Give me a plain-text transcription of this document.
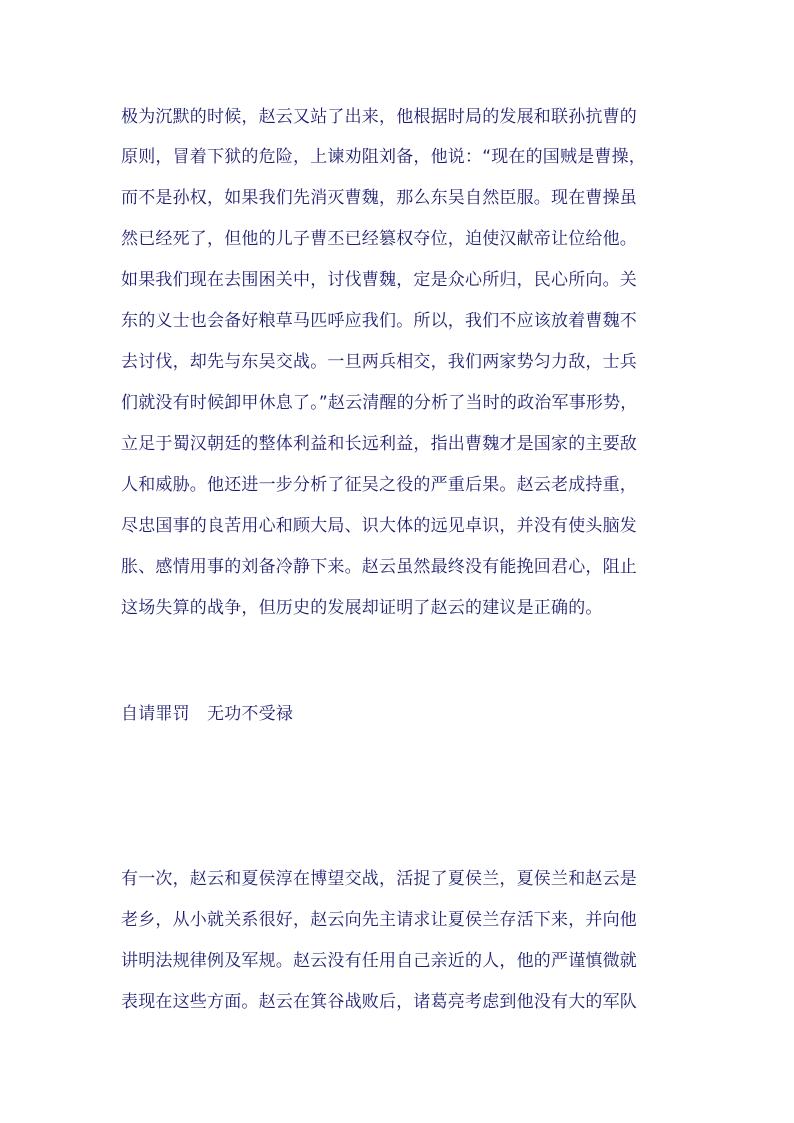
极为沉默的时候，赵云又站了出来，他根据时局的发展和联孙抗曹的
原则，冒着下狱的危险，上谏劝阻刘备，他说：“现在的国贼是曹操，
而不是孙权，如果我们先消灭曹魏，那么东吴自然臣服。现在曹操虽
然已经死了，但他的儿子曹丕已经篡权夺位，迫使汉献帝让位给他。
如果我们现在去围困关中，讨伐曹魏，定是众心所归，民心所向。关
东的义士也会备好粮草马匹呼应我们。所以，我们不应该放着曹魏不
去讨伐，却先与东吴交战。一旦两兵相交，我们两家势匀力敌，士兵
们就没有时候卸甲休息了。”赵云清醒的分析了当时的政治军事形势，
立足于蜀汉朝廷的整体利益和长远利益，指出曹魏才是国家的主要敌
人和威胁。他还进一步分析了征吴之役的严重后果。赵云老成持重，
尽忠国事的良苦用心和顾大局、识大体的远见卓识，并没有使头脑发
胀、感情用事的刘备冷静下来。赵云虽然最终没有能挽回君心，阻止
这场失算的战争，但历史的发展却证明了赵云的建议是正确的。
自请罪罚　无功不受禄
有一次，赵云和夏侯淳在博望交战，活捉了夏侯兰，夏侯兰和赵云是
老乡，从小就关系很好，赵云向先主请求让夏侯兰存活下来，并向他
讲明法规律例及军规。赵云没有任用自己亲近的人，他的严谨慎微就
表现在这些方面。赵云在箕谷战败后，诸葛亮考虑到他没有大的军队
